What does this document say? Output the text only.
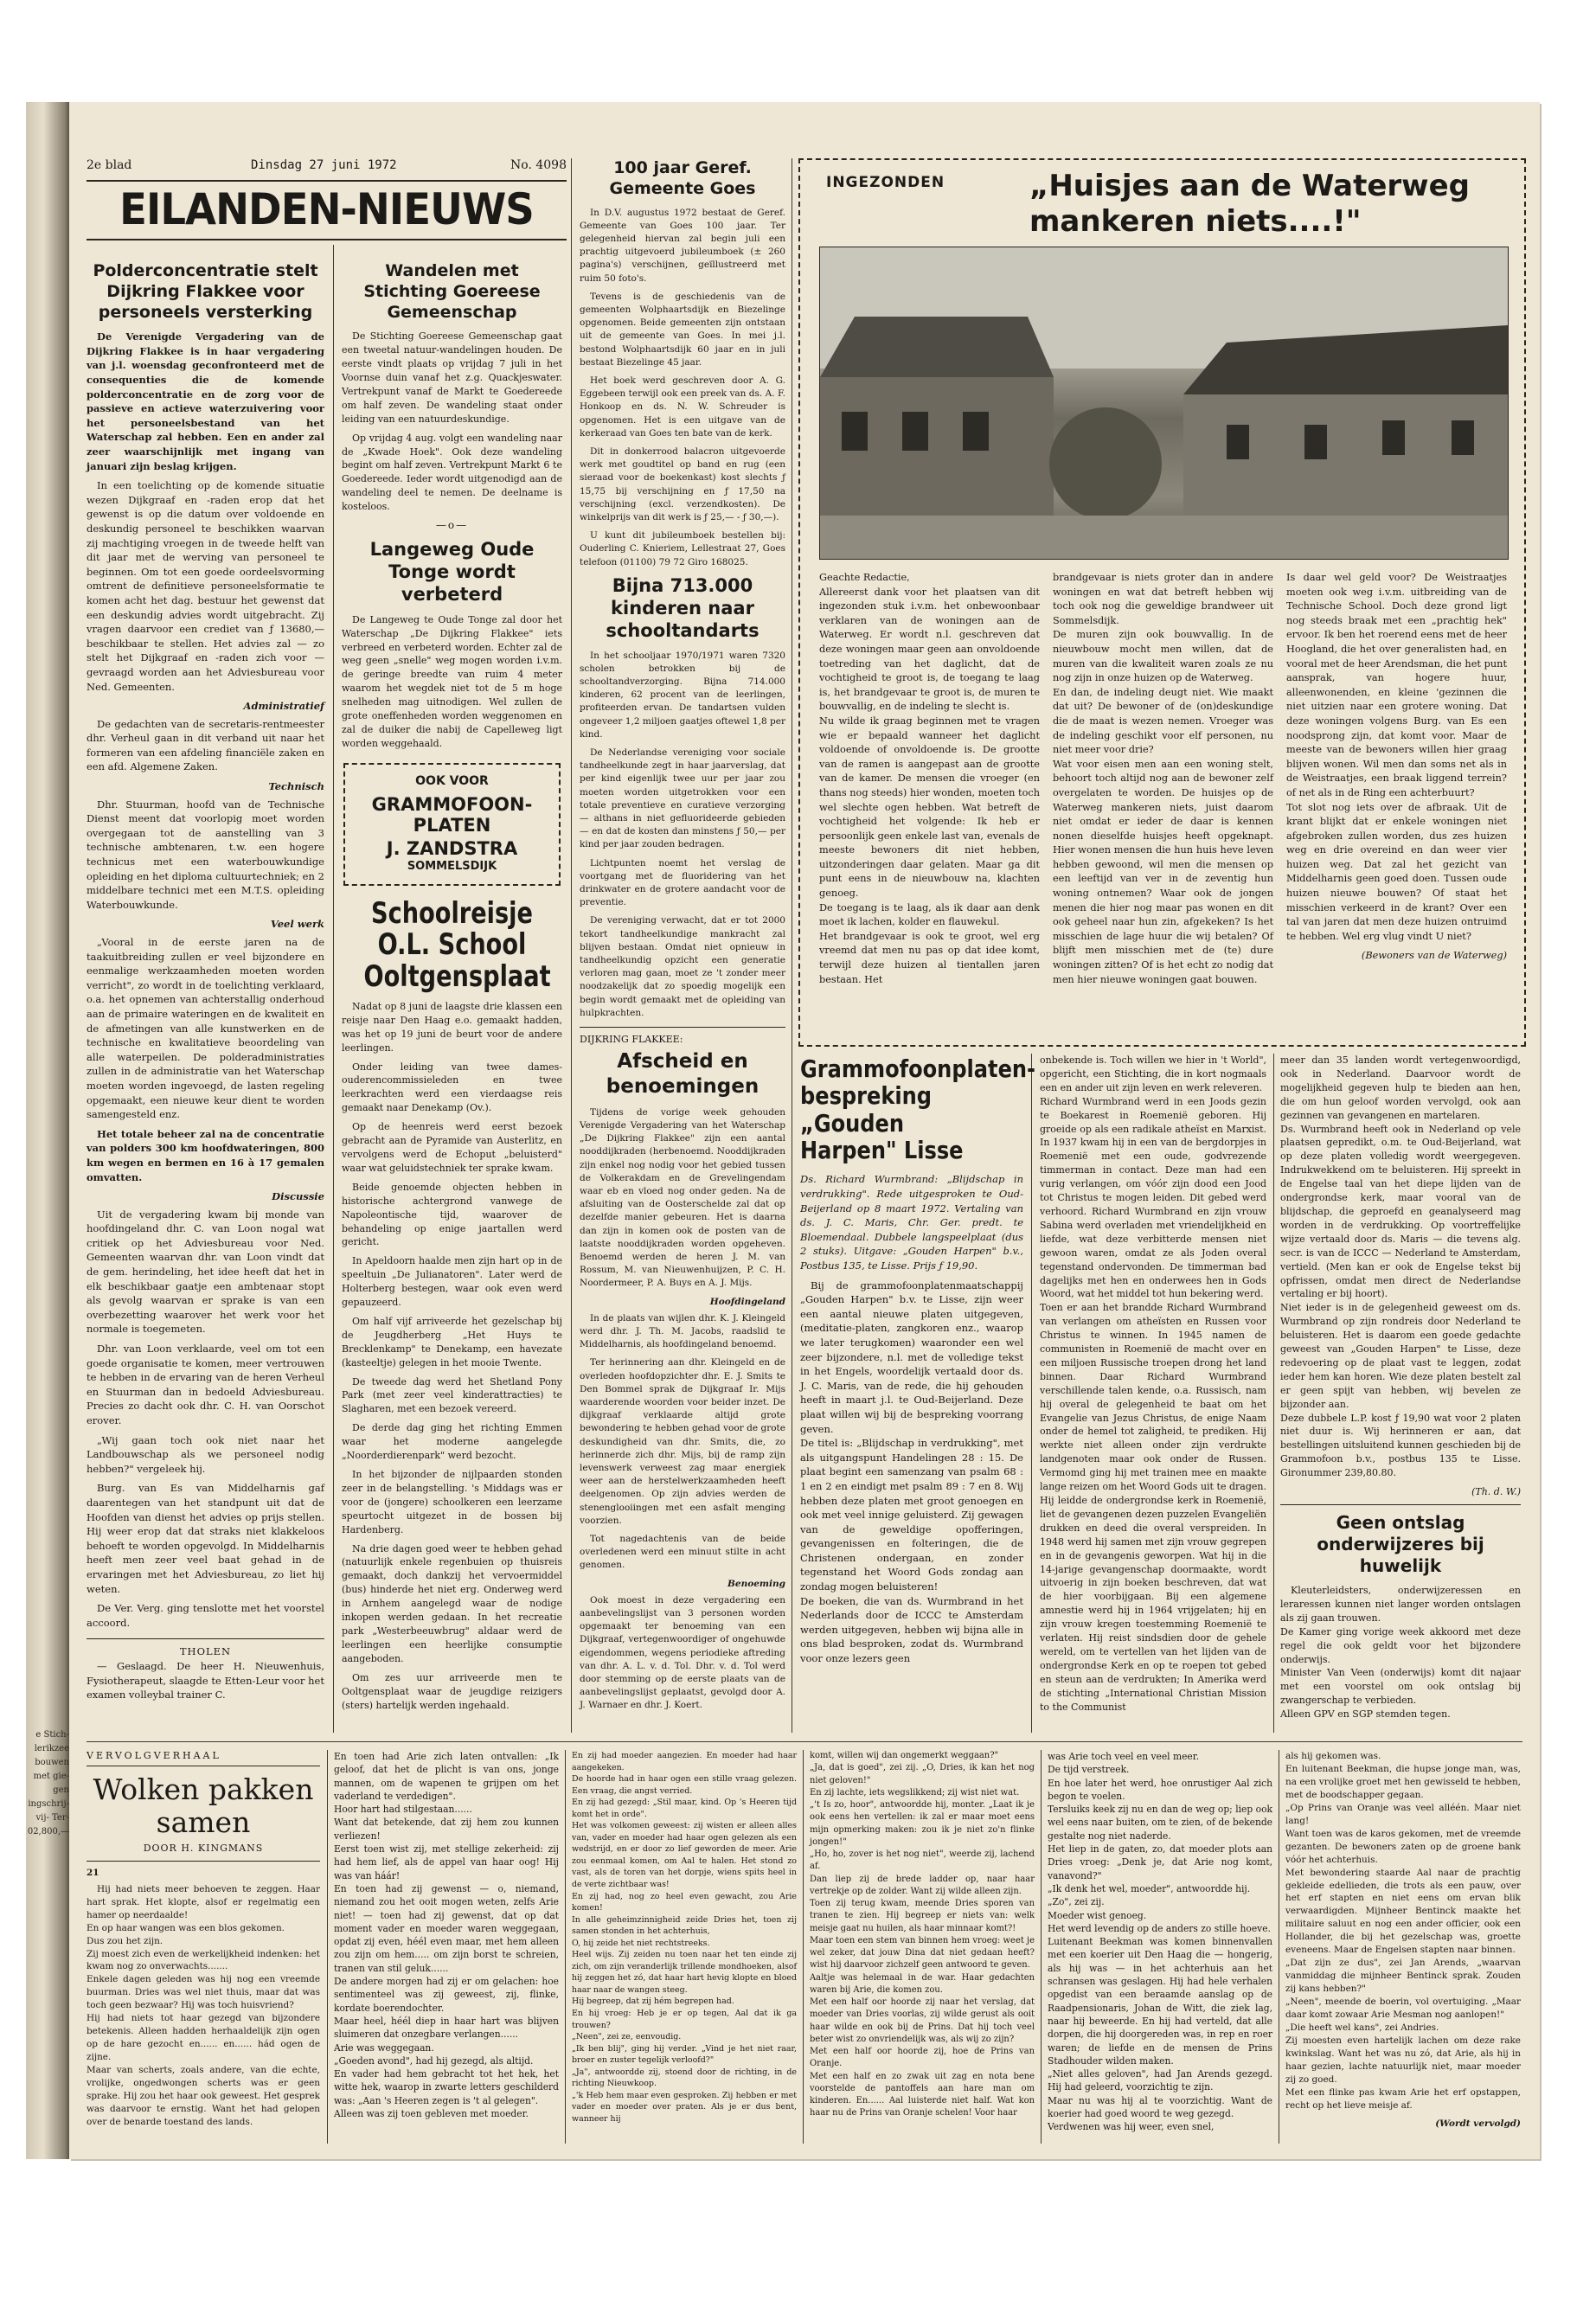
e Stich-
lerikzee
bouwen
met gie-
gen
ingschrij-
vij- Ter-
02,800,—
2e blad	Dinsdag 27 juni 1972	No. 4098
EILANDEN-NIEUWS
Polderconcentratie stelt Dijkring Flakkee voor personeels versterking

De Verenigde Vergadering van de Dijkring Flakkee is in haar vergadering van j.l. woensdag geconfronteerd met de consequenties die de komende polderconcentratie en de zorg voor de passieve en actieve waterzuivering voor het personeelsbestand van het Waterschap zal hebben. Een en ander zal zeer waarschijnlijk met ingang van januari zijn beslag krijgen.

In een toelichting op de komende situatie wezen Dijkgraaf en -raden erop dat het gewenst is op die datum over voldoende en deskundig personeel te beschikken waarvan zij machtiging vroegen in de tweede helft van dit jaar met de werving van personeel te beginnen. Om tot een goede oordeelsvorming omtrent de definitieve personeelsformatie te komen acht het dag. bestuur het gewenst dat een deskundig advies wordt uitgebracht. Zij vragen daarvoor een crediet van ƒ 13680,— beschikbaar te stellen. Het advies zal — zo stelt het Dijkgraaf en -raden zich voor — gevraagd worden aan het Adviesbureau voor Ned. Gemeenten.

Administratief

De gedachten van de secretaris-rentmeester dhr. Verheul gaan in dit verband uit naar het formeren van een afdeling financiële zaken en een afd. Algemene Zaken.

Technisch

Dhr. Stuurman, hoofd van de Technische Dienst meent dat voorlopig moet worden overgegaan tot de aanstelling van 3 technische ambtenaren, t.w. een hogere technicus met een waterbouwkundige opleiding en het diploma cultuurtechniek; en 2 middelbare technici met een M.T.S. opleiding Waterbouwkunde.

Veel werk

„Vooral in de eerste jaren na de taakuitbreiding zullen er veel bijzondere en eenmalige werkzaamheden moeten worden verricht", zo wordt in de toelichting verklaard, o.a. het opnemen van achterstallig onderhoud aan de primaire wateringen en de kwaliteit en de afmetingen van alle kunstwerken en de technische en kwalitatieve beoordeling van alle waterpeilen. De polderadministraties zullen in de administratie van het Waterschap moeten worden ingevoegd, de lasten regeling opgemaakt, een nieuwe keur dient te worden samengesteld enz.

Het totale beheer zal na de concentratie van polders 300 km hoofdwateringen, 800 km wegen en bermen en 16 à 17 gemalen omvatten.

Discussie

Uit de vergadering kwam bij monde van hoofdingeland dhr. C. van Loon nogal wat critiek op het Adviesbureau voor Ned. Gemeenten waarvan dhr. van Loon vindt dat de gem. herindeling, het idee heeft dat het in elk beschikbaar gaatje een ambtenaar stopt als gevolg waarvan er sprake is van een overbezetting waarover het werk voor het normale is toegemeten.

Dhr. van Loon verklaarde, veel om tot een goede organisatie te komen, meer vertrouwen te hebben in de ervaring van de heren Verheul en Stuurman dan in bedoeld Adviesbureau. Precies zo dacht ook dhr. C. H. van Oorschot erover.

„Wij gaan toch ook niet naar het Landbouwschap als we personeel nodig hebben?" vergeleek hij.

Burg. van Es van Middelharnis gaf daarentegen van het standpunt uit dat de Hoofden van dienst het advies op prijs stellen. Hij weer erop dat dat straks niet klakkeloos behoeft te worden opgevolgd. In Middelharnis heeft men zeer veel baat gehad in de ervaringen met het Adviesbureau, zo liet hij weten.

De Ver. Verg. ging tenslotte met het voorstel accoord.

THOLEN

— Geslaagd. De heer H. Nieuwenhuis, Fysiotherapeut, slaagde te Etten-Leur voor het examen volleybal trainer C.

Wandelen met Stichting Goereese Gemeenschap

De Stichting Goereese Gemeenschap gaat een tweetal natuur-wandelingen houden. De eerste vindt plaats op vrijdag 7 juli in het Voornse duin vanaf het z.g. Quackjeswater. Vertrekpunt vanaf de Markt te Goedereede om half zeven. De wandeling staat onder leiding van een natuurdeskundige.

Op vrijdag 4 aug. volgt een wandeling naar de „Kwade Hoek". Ook deze wandeling begint om half zeven. Vertrekpunt Markt 6 te Goedereede. Ieder wordt uitgenodigd aan de wandeling deel te nemen. De deelname is kosteloos.

—o—
Langeweg Oude Tonge wordt verbeterd

De Langeweg te Oude Tonge zal door het Waterschap „De Dijkring Flakkee" iets verbreed en verbeterd worden. Echter zal de weg geen „snelle" weg mogen worden i.v.m. de geringe breedte van ruim 4 meter waarom het wegdek niet tot de 5 m hoge snelheden mag uitnodigen. Wel zullen de grote oneffenheden worden weggenomen en zal de duiker die nabij de Capelleweg ligt worden weggehaald.

OOK VOOR
GRAMMOFOON-PLATEN
J. ZANDSTRA
SOMMELSDIJK
Schoolreisje O.L. School Ooltgensplaat

Nadat op 8 juni de laagste drie klassen een reisje naar Den Haag e.o. gemaakt hadden, was het op 19 juni de beurt voor de andere leerlingen.

Onder leiding van twee dames-ouderencommissieleden en twee leerkrachten werd een vierdaagse reis gemaakt naar Denekamp (Ov.).

Op de heenreis werd eerst bezoek gebracht aan de Pyramide van Austerlitz, en vervolgens werd de Echoput „beluisterd" waar wat geluidstechniek ter sprake kwam.

Beide genoemde objecten hebben in historische achtergrond vanwege de Napoleontische tijd, waarover de behandeling op enige jaartallen werd gericht.

In Apeldoorn haalde men zijn hart op in de speeltuin „De Julianatoren". Later werd de Holterberg bestegen, waar ook even werd gepauzeerd.

Om half vijf arriveerde het gezelschap bij de Jeugdherberg „Het Huys te Brecklenkamp" te Denekamp, een havezate (kasteeltje) gelegen in het mooie Twente.

De tweede dag werd het Shetland Pony Park (met zeer veel kinderattracties) te Slagharen, met een bezoek vereerd.

De derde dag ging het richting Emmen waar het moderne aangelegde „Noorderdierenpark" werd bezocht.

In het bijzonder de nijlpaarden stonden zeer in de belangstelling. 's Middags was er voor de (jongere) schoolkeren een leerzame speurtocht uitgezet in de bossen bij Hardenberg.

Na drie dagen goed weer te hebben gehad (natuurlijk enkele regenbuien op thuisreis gemaakt, doch dankzij het vervoermiddel (bus) hinderde het niet erg. Onderweg werd in Arnhem aangelegd waar de nodige inkopen werden gedaan. In het recreatie park „Westerbeeuwbrug" aldaar werd de leerlingen een heerlijke consumptie aangeboden.

Om zes uur arriveerde men te Ooltgensplaat waar de jeugdige reizigers (sters) hartelijk werden ingehaald.

100 jaar Geref. Gemeente Goes

In D.V. augustus 1972 bestaat de Geref. Gemeente van Goes 100 jaar. Ter gelegenheid hiervan zal begin juli een prachtig uitgevoerd jubileumboek (± 260 pagina's) verschijnen, geïllustreerd met ruim 50 foto's.

Tevens is de geschiedenis van de gemeenten Wolphaartsdijk en Biezelinge opgenomen. Beide gemeenten zijn ontstaan uit de gemeente van Goes. In mei j.l. bestond Wolphaartsdijk 60 jaar en in juli bestaat Biezelinge 45 jaar.

Het boek werd geschreven door A. G. Eggebeen terwijl ook een preek van ds. A. F. Honkoop en ds. N. W. Schreuder is opgenomen. Het is een uitgave van de kerkeraad van Goes ten bate van de kerk.

Dit in donkerrood balacron uitgevoerde werk met goudtitel op band en rug (een sieraad voor de boekenkast) kost slechts ƒ 15,75 bij verschijning en ƒ 17,50 na verschijning (excl. verzendkosten). De winkelprijs van dit werk is ƒ 25,— - ƒ 30,—).

U kunt dit jubileumboek bestellen bij: Ouderling C. Knieriem, Lellestraat 27, Goes telefoon (01100) 79 72 Giro 168025.

Bijna 713.000 kinderen naar schooltandarts

In het schooljaar 1970/1971 waren 7320 scholen betrokken bij de schooltandverzorging. Bijna 714.000 kinderen, 62 procent van de leerlingen, profiteerden ervan. De tandartsen vulden ongeveer 1,2 miljoen gaatjes oftewel 1,8 per kind.

De Nederlandse vereniging voor sociale tandheelkunde zegt in haar jaarverslag, dat per kind eigenlijk twee uur per jaar zou moeten worden uitgetrokken voor een totale preventieve en curatieve verzorging — althans in niet gefluorideerde gebieden — en dat de kosten dan minstens ƒ 50,— per kind per jaar zouden bedragen.

Lichtpunten noemt het verslag de voortgang met de fluoridering van het drinkwater en de grotere aandacht voor de preventie.

De vereniging verwacht, dat er tot 2000 tekort tandheelkundige mankracht zal blijven bestaan. Omdat niet opnieuw in tandheelkundig opzicht een generatie verloren mag gaan, moet ze 't zonder meer noodzakelijk dat zo spoedig mogelijk een begin wordt gemaakt met de opleiding van hulpkrachten.

DIJKRING FLAKKEE:
Afscheid en benoemingen

Tijdens de vorige week gehouden Verenigde Vergadering van het Waterschap „De Dijkring Flakkee" zijn een aantal nooddijkraden (herbenoemd. Nooddijkraden zijn enkel nog nodig voor het gebied tussen de Volkerakdam en de Grevelingendam waar eb en vloed nog onder geden. Na de afsluiting van de Oosterschelde zal dat op dezelfde manier gebeuren. Het is daarna dan zijn in komen ook de posten van de laatste nooddijkraden worden opgeheven. Benoemd werden de heren J. M. van Rossum, M. van Nieuwenhuijzen, P. C. H. Noordermeer, P. A. Buys en A. J. Mijs.

Hoofdingeland

In de plaats van wijlen dhr. K. J. Kleingeld werd dhr. J. Th. M. Jacobs, raadslid te Middelharnis, als hoofdingeland benoemd.

Ter herinnering aan dhr. Kleingeld en de overleden hoofdopzichter dhr. E. J. Smits te Den Bommel sprak de Dijkgraaf Ir. Mijs waarderende woorden voor beider inzet. De dijkgraaf verklaarde altijd grote bewondering te hebben gehad voor de grote deskundigheid van dhr. Smits, die, zo herinnerde zich dhr. Mijs, bij de ramp zijn levenswerk verweest zag maar energiek weer aan de herstelwerkzaamheden heeft deelgenomen. Op zijn advies werden de stenenglooiingen met een asfalt menging voorzien.

Tot nagedachtenis van de beide overledenen werd een minuut stilte in acht genomen.

Benoeming

Ook moest in deze vergadering een aanbevelingslijst van 3 personen worden opgemaakt ter benoeming van een Dijkgraaf, vertegenwoordiger of ongehuwde eigendommen, wegens periodieke aftreding van dhr. A. L. v. d. Tol. Dhr. v. d. Tol werd door stemming op de eerste plaats van de aanbevelingslijst geplaatst, gevolgd door A. J. Warnaer en dhr. J. Koert.

INGEZONDEN	„Huisjes aan de Waterweg mankeren niets....!"

Geachte Redactie,
Allereerst dank voor het plaatsen van dit ingezonden stuk i.v.m. het onbewoonbaar verklaren van de woningen aan de Waterweg. Er wordt n.l. geschreven dat deze woningen maar geen aan onvoldoende toetreding van het daglicht, dat de vochtigheid te groot is, de toegang te laag is, het brandgevaar te groot is, de muren te bouwvallig, en de indeling te slecht is.
Nu wilde ik graag beginnen met te vragen wie er bepaald wanneer het daglicht voldoende of onvoldoende is. De grootte van de ramen is aangepast aan de grootte van de kamer. De mensen die vroeger (en thans nog steeds) hier wonden, moeten toch wel slechte ogen hebben. Wat betreft de vochtigheid het volgende: Ik heb er persoonlijk geen enkele last van, evenals de meeste bewoners dit niet hebben, uitzonderingen daar gelaten. Maar ga dit punt eens in de nieuwbouw na, klachten genoeg.
De toegang is te laag, als ik daar aan denk moet ik lachen, kolder en flauwekul.
Het brandgevaar is ook te groot, wel erg vreemd dat men nu pas op dat idee komt, terwijl deze huizen al tientallen jaren bestaan. Het

brandgevaar is niets groter dan in andere woningen en wat dat betreft hebben wij toch ook nog die geweldige brandweer uit Sommelsdijk.
De muren zijn ook bouwvallig. In de nieuwbouw mocht men willen, dat de muren van die kwaliteit waren zoals ze nu nog zijn in onze huizen op de Waterweg.
En dan, de indeling deugt niet. Wie maakt dat uit? De bewoner of de (on)deskundige die de maat is wezen nemen. Vroeger was de indeling geschikt voor elf personen, nu niet meer voor drie?
Wat voor eisen men aan een woning stelt, behoort toch altijd nog aan de bewoner zelf overgelaten te worden. De huisjes op de Waterweg mankeren niets, juist daarom niet omdat er ieder de daar is kennen nonen dieselfde huisjes heeft opgeknapt. Hier wonen mensen die hun huis heve leven hebben gewoond, wil men die mensen op een leeftijd van ver in de zeventig hun woning ontnemen? Waar ook de jongen menen die hier nog maar pas wonen en dit ook geheel naar hun zin, afgekeken? Is het misschien de lage huur die wij betalen? Of blijft men misschien met de (te) dure woningen zitten? Of is het echt zo nodig dat men hier nieuwe woningen gaat bouwen.

Is daar wel geld voor? De Weistraatjes moeten ook weg i.v.m. uitbreiding van de Technische School. Doch deze grond ligt nog steeds braak met een „prachtig hek" ervoor. Ik ben het roerend eens met de heer Hoogland, die het over generalisten had, en vooral met de heer Arendsman, die het punt aansprak, van hogere huur, alleenwonenden, en kleine 'gezinnen die niet uitzien naar een grotere woning. Dat deze woningen volgens Burg. van Es een noodsprong zijn, dat komt voor. Maar de meeste van de bewoners willen hier graag blijven wonen. Wil men dan soms net als in de Weistraatjes, een braak liggend terrein? of net als in de Ring een achterbuurt?
Tot slot nog iets over de afbraak. Uit de krant blijkt dat er enkele woningen niet afgebroken zullen worden, dus zes huizen weg en drie overeind en dan weer vier huizen weg. Dat zal het gezicht van Middelharnis geen goed doen. Tussen oude huizen nieuwe bouwen? Of staat het misschien verkeerd in de krant? Over een tal van jaren dat men deze huizen ontruimd te hebben. Wel erg vlug vindt U niet?

(Bewoners van de Waterweg)

Grammofoonplaten-bespreking „Gouden Harpen" Lisse

Ds. Richard Wurmbrand: „Blijdschap in verdrukking". Rede uitgesproken te Oud-Beijerland op 8 maart 1972. Vertaling van ds. J. C. Maris, Chr. Ger. predt. te Bloemendaal. Dubbele langspeelplaat (dus 2 stuks). Uitgave: „Gouden Harpen" b.v., Postbus 135, te Lisse. Prijs ƒ 19,90.

Bij de grammofoonplatenmaatschappij „Gouden Harpen" b.v. te Lisse, zijn weer een aantal nieuwe platen uitgegeven, (meditatie-platen, zangkoren enz., waarop we later terugkomen) waaronder een wel zeer bijzondere, n.l. met de volledige tekst in het Engels, woordelijk vertaald door ds. J. C. Maris, van de rede, die hij gehouden heeft in maart j.l. te Oud-Beijerland. Deze plaat willen wij bij de bespreking voorrang geven.
De titel is: „Blijdschap in verdrukking", met als uitgangspunt Handelingen 28 : 15. De plaat begint een samenzang van psalm 68 : 1 en 2 en eindigt met psalm 89 : 7 en 8. Wij hebben deze platen met groot genoegen en ook met veel innige geluisterd. Zij gewagen van de geweldige opofferingen, gevangenissen en folteringen, die de Christenen ondergaan, en zonder tegenstand het Woord Gods zondag aan zondag mogen beluisteren!
De boeken, die van ds. Wurmbrand in het Nederlands door de ICCC te Amsterdam werden uitgegeven, hebben wij bijna alle in ons blad besproken, zodat ds. Wurmbrand voor onze lezers geen

onbekende is. Toch willen we hier in 't World", opgericht, een Stichting, die in kort nogmaals een en ander uit zijn leven en werk releveren.
Richard Wurmbrand werd in een Joods gezin te Boekarest in Roemenië geboren. Hij groeide op als een radikale atheïst en Marxist. In 1937 kwam hij in een van de bergdorpjes in Roemenië met een oude, godvrezende timmerman in contact. Deze man had een vurig verlangen, om vóór zijn dood een Jood tot Christus te mogen leiden. Dit gebed werd verhoord. Richard Wurmbrand en zijn vrouw Sabina werd overladen met vriendelijkheid en liefde, wat deze verbitterde mensen niet gewoon waren, omdat ze als Joden overal tegenstand ondervonden. De timmerman bad dagelijks met hen en onderwees hen in Gods Woord, wat het middel tot hun bekering werd.
Toen er aan het brandde Richard Wurmbrand van verlangen om atheïsten en Russen voor Christus te winnen. In 1945 namen de communisten in Roemenië de macht over en een miljoen Russische troepen drong het land binnen. Daar Richard Wurmbrand verschillende talen kende, o.a. Russisch, nam hij overal de gelegenheid te baat om het Evangelie van Jezus Christus, de enige Naam onder de hemel tot zaligheid, te prediken. Hij werkte niet alleen onder zijn verdrukte landgenoten maar ook onder de Russen. Vermomd ging hij met trainen mee en maakte lange reizen om het Woord Gods uit te dragen. Hij leidde de ondergrondse kerk in Roemenië, liet de gevangenen dezen puzzelen Evangeliën drukken en deed die overal verspreiden. In 1948 werd hij samen met zijn vrouw gegrepen en in de gevangenis geworpen. Wat hij in die 14-jarige gevangenschap doormaakte, wordt uitvoerig in zijn boeken beschreven, dat wat de hier voorbijgaan. Bij een algemene amnestie werd hij in 1964 vrijgelaten; hij en zijn vrouw kregen toestemming Roemenië te verlaten. Hij reist sindsdien door de gehele wereld, om te vertellen van het lijden van de ondergrondse Kerk en op te roepen tot gebed en steun aan de verdrukten; In Amerika werd de stichting „International Christian Mission to the Communist

meer dan 35 landen wordt vertegenwoordigd, ook in Nederland. Daarvoor wordt de mogelijkheid gegeven hulp te bieden aan hen, die om hun geloof worden vervolgd, ook aan gezinnen van gevangenen en martelaren.
Ds. Wurmbrand heeft ook in Nederland op vele plaatsen gepredikt, o.m. te Oud-Beijerland, wat op deze platen volledig wordt weergegeven. Indrukwekkend om te beluisteren. Hij spreekt in de Engelse taal van het diepe lijden van de ondergrondse kerk, maar vooral van de blijdschap, die geproefd en geanalyseerd mag worden in de verdrukking. Op voortreffelijke wijze vertaald door ds. Maris — die tevens alg. secr. is van de ICCC — Nederland te Amsterdam, vertield. (Men kan er ook de Engelse tekst bij opfrissen, omdat men direct de Nederlandse vertaling er bij hoort).
Niet ieder is in de gelegenheid geweest om ds. Wurmbrand op zijn rondreis door Nederland te beluisteren. Het is daarom een goede gedachte geweest van „Gouden Harpen" te Lisse, deze redevoering op de plaat vast te leggen, zodat ieder hem kan horen. Wie deze platen bestelt zal er geen spijt van hebben, wij bevelen ze bijzonder aan.
Deze dubbele L.P. kost ƒ 19,90 wat voor 2 platen niet duur is. Wij herinneren er aan, dat bestellingen uitsluitend kunnen geschieden bij de Grammofoon b.v., postbus 135 te Lisse. Gironummer 239,80.80.

(Th. d. W.)

Geen ontslag onderwijzeres bij huwelijk

Kleuterleidsters, onderwijzeressen en leraressen kunnen niet langer worden ontslagen als zij gaan trouwen.
De Kamer ging vorige week akkoord met deze regel die ook geldt voor het bijzondere onderwijs.
Minister Van Veen (onderwijs) komt dit najaar met een voorstel om ook ontslag bij zwangerschap te verbieden.
Alleen GPV en SGP stemden tegen.

VERVOLGVERHAAL
Wolken pakken samen
DOOR H. KINGMANS
21

Hij had niets meer behoeven te zeggen. Haar hart sprak. Het klopte, alsof er regelmatig een hamer op neerdaalde!
En op haar wangen was een blos gekomen.
Dus zou het zijn.
Zij moest zich even de werkelijkheid indenken: het kwam nog zo onverwachts.......
Enkele dagen geleden was hij nog een vreemde buurman. Dries was wel niet thuis, maar dat was toch geen bezwaar? Hij was toch huisvriend?
Hij had niets tot haar gezegd van bijzondere betekenis. Alleen hadden herhaaldelijk zijn ogen op de hare gezocht en...... en...... hád ogen de zijne.
Maar van scherts, zoals andere, van die echte, vrolijke, ongedwongen scherts was er geen sprake. Hij zou het haar ook geweest. Het gesprek was daarvoor te ernstig. Want het had gelopen over de benarde toestand des lands.

En toen had Arie zich laten ontvallen: „Ik geloof, dat het de plicht is van ons, jonge mannen, om de wapenen te grijpen om het vaderland te verdedigen".
Hoor hart had stilgestaan......
Want dat betekende, dat zij hem zou kunnen verliezen!
Eerst toen wist zij, met stellige zekerheid: zij had hem lief, als de appel van haar oog! Hij was van háár!
En toen had zij gewenst — o, niemand, niemand zou het ooit mogen weten, zelfs Arie niet! — toen had zij gewenst, dat op dat moment vader en moeder waren weggegaan, opdat zij even, héél even maar, met hem alleen zou zijn om hem..... om zijn borst te schreien, tranen van stil geluk......
De andere morgen had zij er om gelachen: hoe sentimenteel was zij geweest, zij, flinke, kordate boerendochter.
Maar heel, héél diep in haar hart was blijven sluimeren dat onzegbare verlangen......
Arie was weggegaan.
„Goeden avond", had hij gezegd, als altijd.
En vader had hem gebracht tot het hek, het witte hek, waarop in zwarte letters geschilderd was: „Aan 's Heeren zegen is 't al gelegen".
Alleen was zij toen gebleven met moeder.

En zij had moeder aangezien. En moeder had haar aangekeken.
De hoorde had in haar ogen een stille vraag gelezen. Een vraag, die angst verried.
En zij had gezegd: „Stil maar, kind. Op 's Heeren tijd komt het in orde".
Het was volkomen geweest: zij wisten er alleen alles van, vader en moeder had haar ogen gelezen als een wedstrijd, en er door zo lief geworden de meer. Arie zou eenmaal komen, om Aal te halen. Het stond zo vast, als de toren van het dorpje, wiens spits heel in de verte zichtbaar was!
En zij had, nog zo heel even gewacht, zou Arie komen!
In alle geheimzinnigheid zeide Dries het, toen zij samen stonden in het achterhuis,
O, hij zeide het niet rechtstreeks.
Heel wijs. Zij zeiden nu toen naar het ten einde zij zich, om zijn veranderlijk trillende mondhoeken, alsof hij zeggen het zó, dat haar hart hevig klopte en bloed haar naar de wangen steeg.
Hij begreep, dat zij hém begrepen had.
En hij vroeg: Heb je er op tegen, Aal dat ik ga trouwen?
„Neen", zei ze, eenvoudig.
„Ik ben blij", ging hij verder. „Vind je het niet raar, broer en zuster tegelijk verloofd?"
„Ja", antwoordde zij, stoend door de richting, in de richting Nieuwkoop.
„'k Heb hem maar even gesproken. Zij hebben er met vader en moeder over praten. Als je er dus bent, wanneer hij

komt, willen wij dan ongemerkt weggaan?"
„Ja, dat is goed", zei zij. „O, Dries, ik kan het nog niet geloven!"
En zij lachte, iets wegslikkend; zij wist niet wat.
„'t Is zo, hoor", antwoordde hij, monter. „Laat ik je ook eens hen vertellen: ik zal er maar moet eens mijn opmerking maken: zou ik je niet zo'n flinke jongen!"
„Ho, ho, zover is het nog niet", weerde zij, lachend af.
Dan liep zij de brede ladder op, naar haar vertrekje op de zolder. Want zij wilde alleen zijn.
Toen zij terug kwam, meende Dries sporen van tranen te zien. Hij begreep er niets van: welk meisje gaat nu huilen, als haar minnaar komt?!
Maar toen een stem van binnen hem vroeg: weet je wel zeker, dat jouw Dina dat niet gedaan heeft? wist hij daarvoor zichzelf geen antwoord te geven.
Aaltje was helemaal in de war. Haar gedachten waren bij Arie, die komen zou.
Met een half oor hoorde zij naar het verslag, dat moeder van Dries voorlas, zij wilde gerust als ooit haar wilde en ook bij de Prins. Dat hij toch veel beter wist zo onvriendelijk was, als wij zo zijn?
Met een half oor hoorde zij, hoe de Prins van Oranje.
Met een half en zo zwak uit zag en nota bene voorstelde de pantoffels aan hare man om kinderen. En...... Aal luisterde niet half. Wat kon haar nu de Prins van Oranje schelen! Voor haar

was Arie toch veel en veel meer.
De tijd verstreek.
En hoe later het werd, hoe onrustiger Aal zich begon te voelen.
Tersluiks keek zij nu en dan de weg op; liep ook wel eens naar buiten, om te zien, of de bekende gestalte nog niet naderde.
Het liep in de gaten, zo, dat moeder plots aan Dries vroeg: „Denk je, dat Arie nog komt, vanavond?"
„Ik denk het wel, moeder", antwoordde hij.
„Zo", zei zij.
Moeder wist genoeg.
Het werd levendig op de anders zo stille hoeve.
Luitenant Beekman was komen binnenvallen met een koerier uit Den Haag die — hongerig, als hij was — in het achterhuis aan het schransen was geslagen. Hij had hele verhalen opgedist van een beraamde aanslag op de Raadpensionaris, Johan de Witt, die ziek lag, naar hij beweerde. En hij had verteld, dat alle dorpen, die hij doorgereden was, in rep en roer waren; de liefde en de mensen de Prins Stadhouder wilden maken.
„Niet alles geloven", had Jan Arends gezegd. Hij had geleerd, voorzichtig te zijn.
Maar nu was hij al te voorzichtig. Want de koerier had goed woord te weg gezegd.
Verdwenen was hij weer, even snel,

als hij gekomen was.
En luitenant Beekman, die hupse jonge man, was, na een vrolijke groet met hen gewisseld te hebben, met de boodschapper gegaan.
„Op Prins van Oranje was veel alléén. Maar niet lang!
Want toen was de karos gekomen, met de vreemde gezanten. De bewoners zaten op de groene bank vóór het achterhuis.
Met bewondering staarde Aal naar de prachtig gekleide edellieden, die trots als een pauw, over het erf stapten en niet eens om ervan blik verwaardigden. Mijnheer Bentinck maakte het militaire saluut en nog een ander officier, ook een Hollander, die bij het gezelschap was, groette eveneens. Maar de Engelsen stapten naar binnen.
„Dat zijn ze dus", zei Jan Arends, „waarvan vanmiddag die mijnheer Bentinck sprak. Zouden zij kans hebben?"
„Neen", meende de boerin, vol overtuiging. „Maar daar komt zowaar Arie Mesman nog aanlopen!"
„Die heeft wel kans", zei Andries.
Zij moesten even hartelijk lachen om deze rake kwinkslag. Want het was nu zó, dat Arie, als hij in haar gezien, lachte natuurlijk niet, maar moeder zij zo goed.
Met een flinke pas kwam Arie het erf opstappen, recht op het lieve meisje af.

(Wordt vervolgd)
